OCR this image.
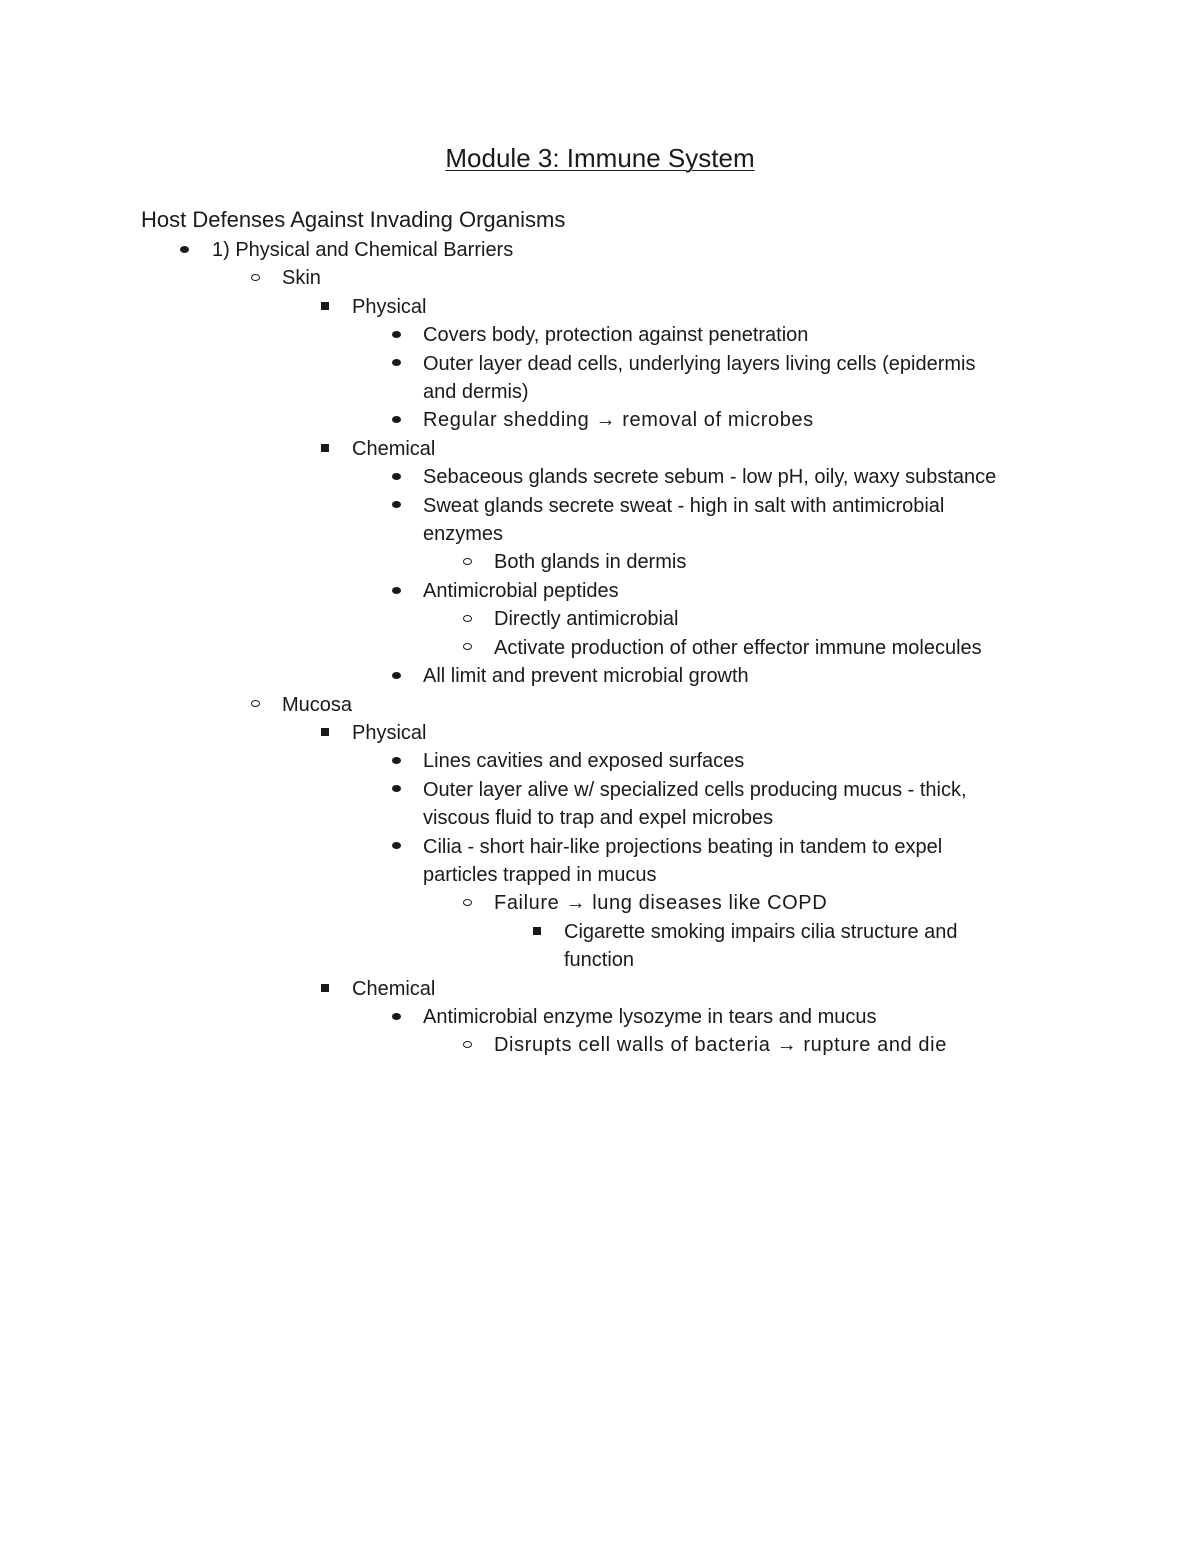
Module 3: Immune System
Host Defenses Against Invading Organisms
1) Physical and Chemical Barriers
Skin
Physical
Covers body, protection against penetration
Outer layer dead cells, underlying layers living cells (epidermis
and dermis)
Regular shedding → removal of microbes
Chemical
Sebaceous glands secrete sebum - low pH, oily, waxy substance
Sweat glands secrete sweat - high in salt with antimicrobial
enzymes
Both glands in dermis
Antimicrobial peptides
Directly antimicrobial
Activate production of other effector immune molecules
All limit and prevent microbial growth
Mucosa
Physical
Lines cavities and exposed surfaces
Outer layer alive w/ specialized cells producing mucus - thick,
viscous fluid to trap and expel microbes
Cilia - short hair-like projections beating in tandem to expel
particles trapped in mucus
Failure → lung diseases like COPD
Cigarette smoking impairs cilia structure and
function
Chemical
Antimicrobial enzyme lysozyme in tears and mucus
Disrupts cell walls of bacteria → rupture and die
